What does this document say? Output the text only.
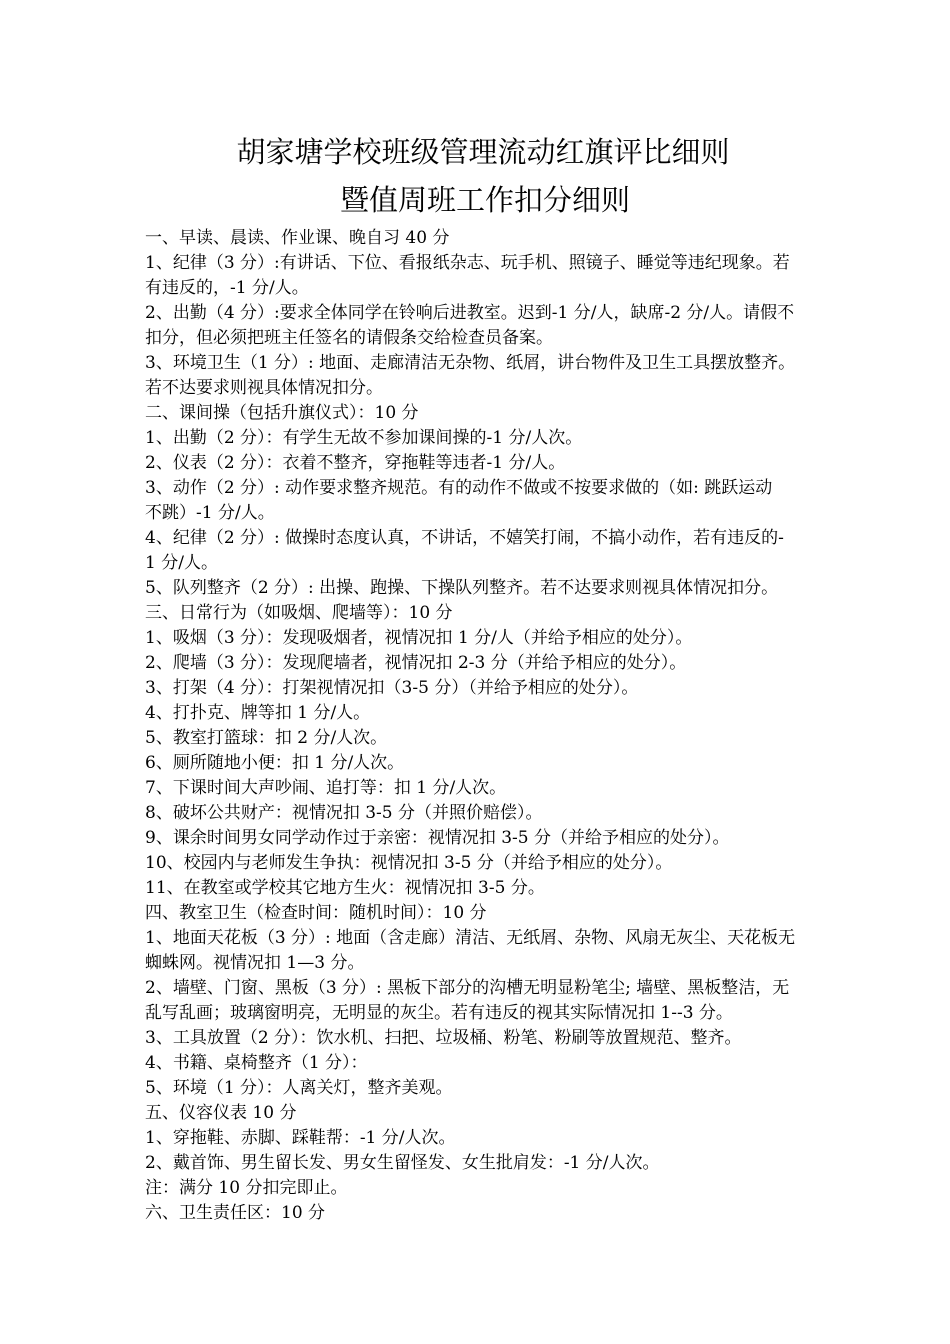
胡家塘学校班级管理流动红旗评比细则
暨值周班工作扣分细则

一、早读、晨读、作业课、晚自习 40 分

1、纪律（3 分）:有讲话、下位、看报纸杂志、玩手机、照镜子、睡觉等违纪现象。若

有违反的，-1 分/人。

2、出勤（4 分）:要求全体同学在铃响后进教室。迟到-1 分/人，缺席-2 分/人。请假不

扣分，但必须把班主任签名的请假条交给检查员备案。

3、环境卫生（1 分）: 地面、走廊清洁无杂物、纸屑，讲台物件及卫生工具摆放整齐。

若不达要求则视具体情况扣分。

二、课间操（包括升旗仪式）：10 分

1、出勤（2 分）：有学生无故不参加课间操的-1 分/人次。

2、仪表（2 分）：衣着不整齐，穿拖鞋等违者-1 分/人。

3、动作（2 分）: 动作要求整齐规范。有的动作不做或不按要求做的（如: 跳跃运动

不跳）-1 分/人。

4、纪律（2 分）: 做操时态度认真，不讲话，不嬉笑打闹，不搞小动作，若有违反的-

1 分/人。

5、队列整齐（2 分）: 出操、跑操、下操队列整齐。若不达要求则视具体情况扣分。

三、日常行为（如吸烟、爬墙等）：10 分

1、吸烟（3 分）：发现吸烟者，视情况扣 1 分/人（并给予相应的处分）。

2、爬墙（3 分）：发现爬墙者，视情况扣 2-3 分（并给予相应的处分）。

3、打架（4 分）：打架视情况扣（3-5 分）（并给予相应的处分）。

4、打扑克、牌等扣 1 分/人。

5、教室打篮球：扣 2 分/人次。

6、厕所随地小便：扣 1 分/人次。

7、下课时间大声吵闹、追打等：扣 1 分/人次。

8、破坏公共财产：视情况扣 3-5 分（并照价赔偿）。

9、课余时间男女同学动作过于亲密：视情况扣 3-5 分（并给予相应的处分）。

10、校园内与老师发生争执：视情况扣 3-5 分（并给予相应的处分）。

11、在教室或学校其它地方生火：视情况扣 3-5 分。

四、教室卫生（检查时间：随机时间）：10 分

1、地面天花板（3 分）: 地面（含走廊）清洁、无纸屑、杂物、风扇无灰尘、天花板无

蜘蛛网。视情况扣 1—3 分。

2、墙壁、门窗、黑板（3 分）: 黑板下部分的沟槽无明显粉笔尘; 墙壁、黑板整洁，无

乱写乱画；玻璃窗明亮，无明显的灰尘。若有违反的视其实际情况扣 1--3 分。

3、工具放置（2 分）：饮水机、扫把、垃圾桶、粉笔、粉刷等放置规范、整齐。

4、书籍、桌椅整齐（1 分）：

5、环境（1 分）：人离关灯，整齐美观。

五、仪容仪表 10 分

1、穿拖鞋、赤脚、踩鞋帮：-1 分/人次。

2、戴首饰、男生留长发、男女生留怪发、女生批肩发：-1 分/人次。

注：满分 10 分扣完即止。

六、卫生责任区：10 分
